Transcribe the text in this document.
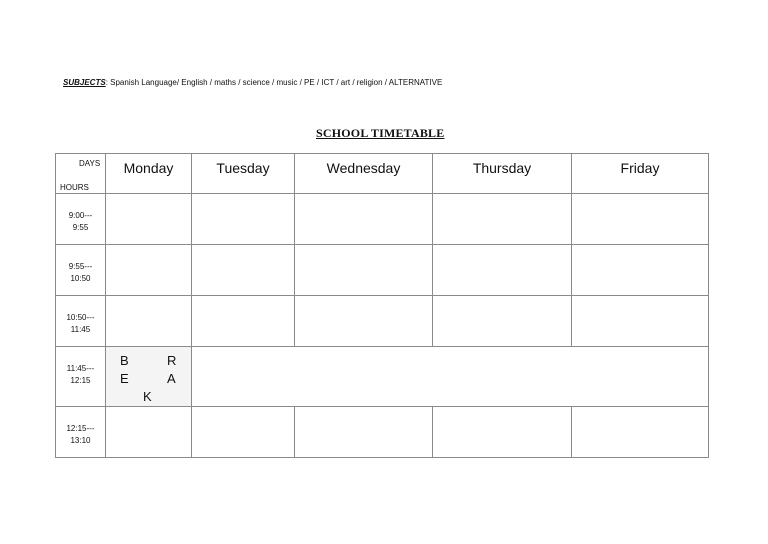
SUBJECTS: Spanish Language/ English / maths / science / music / PE / ICT / art / religion / ALTERNATIVE
SCHOOL TIMETABLE
DAYS
HOURS	Monday	Tuesday	Wednesday	Thursday	Friday

9:00---
9:55					

9:55---
10:50					

10:50---
11:45					

11:45---
12:15	B R
E A
K				

12:15---
13:10					
